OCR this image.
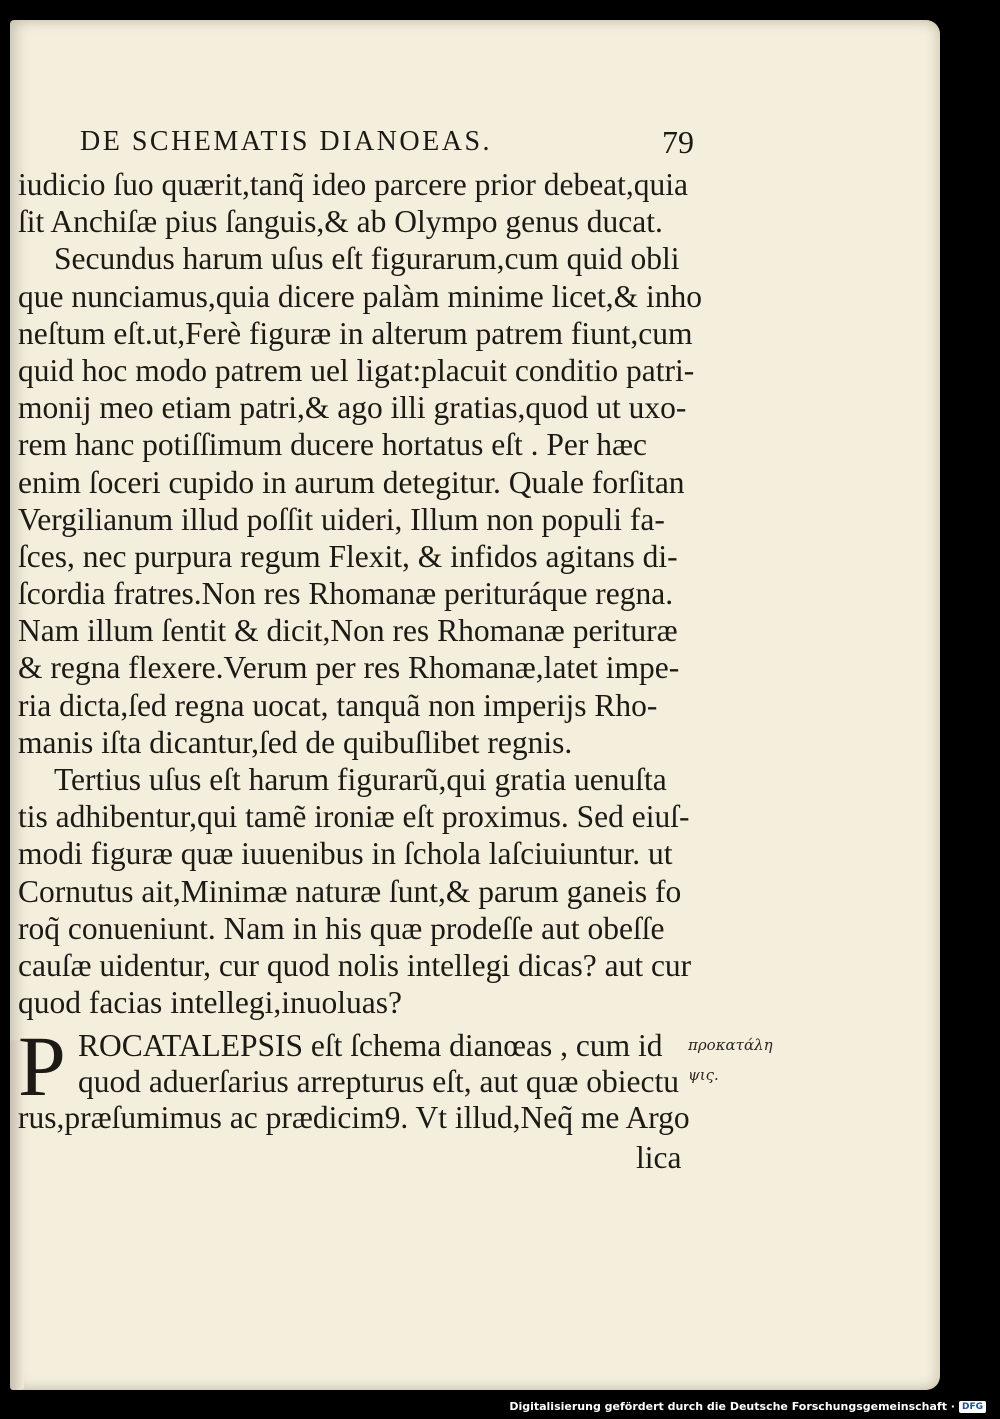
DE SCHEMATIS DIANOEAS.	79
iudicio ſuo quærit,tanq̃ ideo parcere prior debeat,quia
ſit Anchiſæ pius ſanguis,& ab Olympo genus ducat.
Secundus harum uſus eſt figurarum,cum quid obli
que nunciamus,quia dicere palàm minime licet,& inho
neſtum eſt.ut,Ferè figuræ in alterum patrem fiunt,cum
quid hoc modo patrem uel ligat:placuit conditio patri-
monij meo etiam patri,& ago illi gratias,quod ut uxo-
rem hanc potiſſimum ducere hortatus eſt . Per hæc
enim ſoceri cupido in aurum detegitur. Quale forſitan
Vergilianum illud poſſit uideri, Illum non populi fa-
ſces, nec purpura regum Flexit, & infidos agitans di-
ſcordia fratres.Non res Rhomanæ perituráque regna.
Nam illum ſentit & dicit,Non res Rhomanæ perituræ
& regna flexere.Verum per res Rhomanæ,latet impe-
ria dicta,ſed regna uocat, tanquã non imperijs Rho-
manis iſta dicantur,ſed de quibuſlibet regnis.
Tertius uſus eſt harum figurarũ,qui gratia uenuſta
tis adhibentur,qui tamẽ ironiæ eſt proximus. Sed eiuſ-
modi figuræ quæ iuuenibus in ſchola laſciuiuntur. ut
Cornutus ait,Minimæ naturæ ſunt,& parum ganeis fo
roq̃ conueniunt. Nam in his quæ prodeſſe aut obeſſe
cauſæ uidentur, cur quod nolis intellegi dicas? aut cur
quod facias intellegi,inuoluas?
P ROCATALEPSIS eſt ſchema dianœas , cum id
quod aduerſarius arrepturus eſt, aut quæ obiectu
rus,præſumimus ac prædicim9. Vt illud,Neq̃ me Argo
lica
προκατάλη
ψις.
Digitalisierung gefördert durch die Deutsche Forschungsgemeinschaft · DFG
